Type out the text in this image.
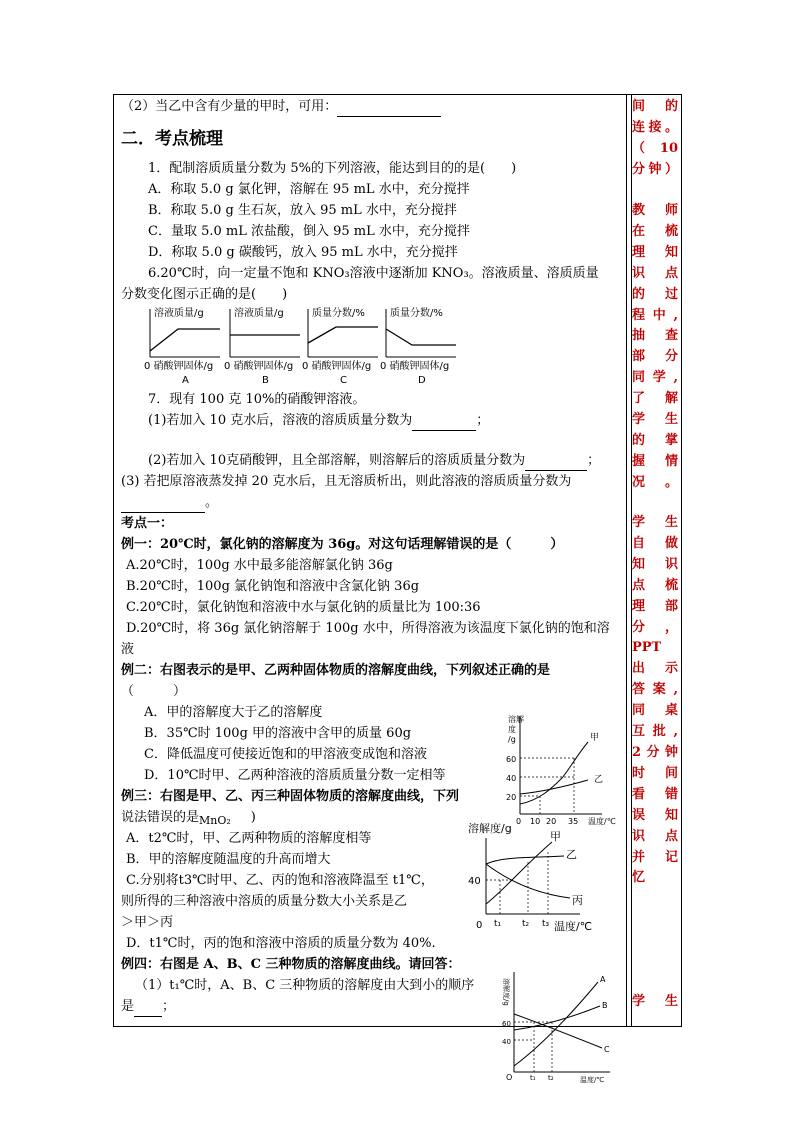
（2）当乙中含有少量的甲时，可用：
二．考点梳理
1．配制溶质质量分数为 5%的下列溶液，能达到目的的是(　　)
A．称取 5.0 g 氯化钾，溶解在 95 mL 水中，充分搅拌
B．称取 5.0 g 生石灰，放入 95 mL 水中，充分搅拌
C．量取 5.0 mL 浓盐酸，倒入 95 mL 水中，充分搅拌
D．称取 5.0 g 碳酸钙，放入 95 mL 水中，充分搅拌
6.20℃时，向一定量不饱和 KNO₃溶液中逐渐加 KNO₃。溶液质量、溶质质量
分数变化图示正确的是(　　)
溶液质量/g
0 硝酸钾固体/g
A
溶液质量/g
0 硝酸钾固体/g
B
质量分数/%
0 硝酸钾固体/g
C
质量分数/%
0 硝酸钾固体/g
D
7．现有 100 克 10%的硝酸钾溶液。
(1)若加入 10 克水后，溶液的溶质质量分数为	；
(2)若加入 10克硝酸钾，且全部溶解，则溶解后的溶质质量分数为	；
(3) 若把原溶液蒸发掉 20 克水后，且无溶质析出，则此溶液的溶质质量分数为
。
考点一：
例一：20℃时，氯化钠的溶解度为 36g。对这句话理解错误的是（　　　）
A.20℃时，100g 水中最多能溶解氯化钠 36g
B.20℃时，100g 氯化钠饱和溶液中含氯化钠 36g
C.20℃时，氯化钠饱和溶液中水与氯化钠的质量比为 100:36
D.20℃时，将 36g 氯化钠溶解于 100g 水中，所得溶液为该温度下氯化钠的饱和溶
液
例二：右图表示的是甲、乙两种固体物质的溶解度曲线，下列叙述正确的是
（　　　）
A．甲的溶解度大于乙的溶解度
B．35℃时 100g 甲的溶液中含甲的质量 60g
C．降低温度可使接近饱和的甲溶液变成饱和溶液
D．10℃时甲、乙两种溶液的溶质质量分数一定相等
溶解
度
/g	甲
乙
60
40
20
0 10 20 35 温度/℃
例三：右图是甲、乙、丙三种固体物质的溶解度曲线，下列
说法错误的是$_{MnO_2}$ )
A．t2℃时，甲、乙两种物质的溶解度相等
B．甲的溶解度随温度的升高而增大
C.分别将t3℃时甲、乙、丙的饱和溶液降温至 t1℃，
则所得的三种溶液中溶质的质量分数大小关系是乙
＞甲＞丙
D．t1℃时，丙的饱和溶液中溶质的质量分数为 40%.
溶解度/g
甲
乙
丙
40
0 t₁ t₂ t₃ 温度/℃
例四：右图是 A、B、C 三种物质的溶解度曲线。请回答：
（1）t₁℃时，A、B、C 三种物质的溶解度由大到小的顺序
是 ；
溶解度/g	A
B
C
60
40
O	t₁ t₂	温度/℃
间的
连接。
（10
分钟）
教师
在梳
理知
识点
的过
程中,
抽查
部分
同学,
了解
学生
的掌
握情
况。
学生
自做
知识
点梳
理部
分，
PPT
出示
答案,
同桌
互批,
2分钟
时间
看错
误知
识点
并记
忆
学生
